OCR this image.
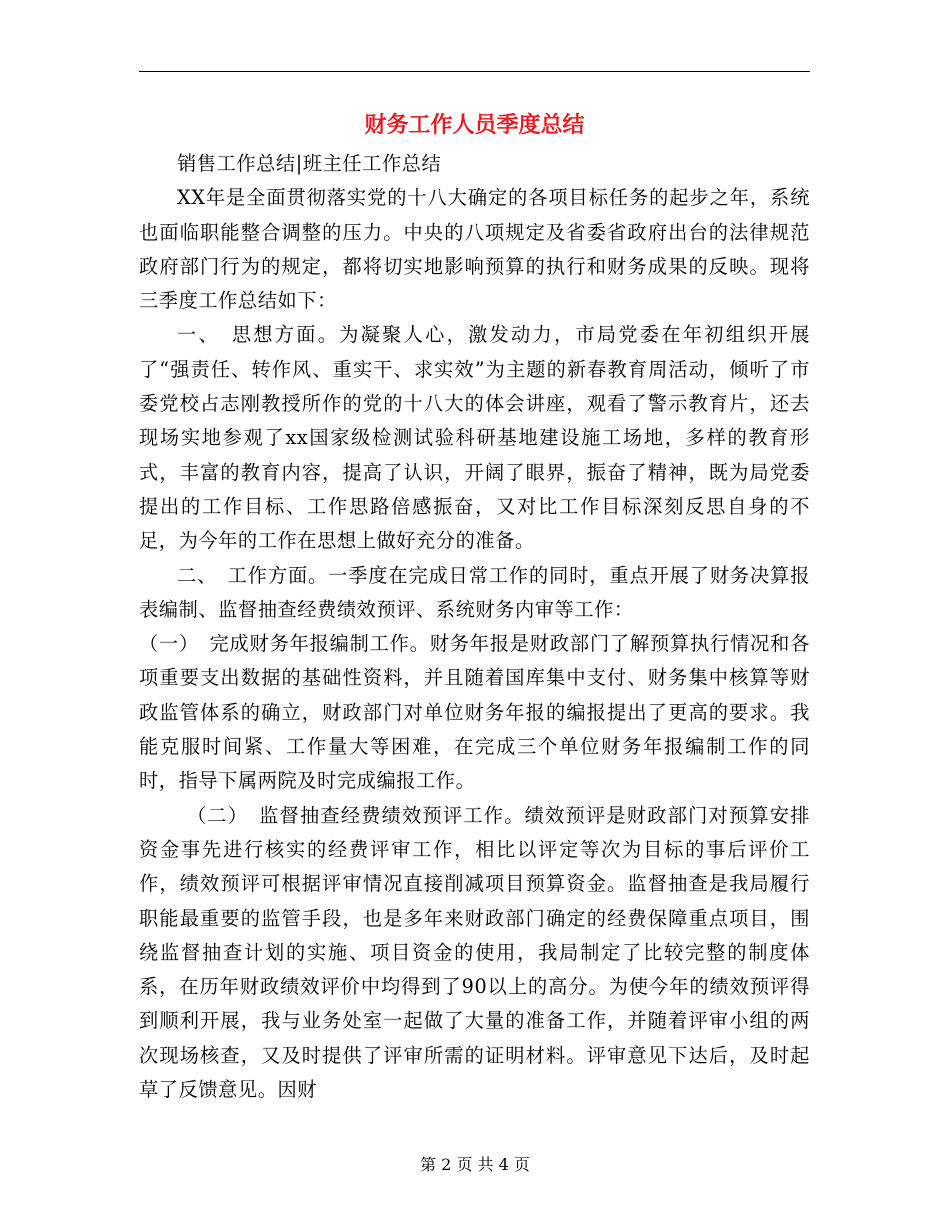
财务工作人员季度总结

销售工作总结|班主任工作总结

XX年是全面贯彻落实党的十八大确定的各项目标任务的起步之年，系统也面临职能整合调整的压力。中央的八项规定及省委省政府出台的法律规范政府部门行为的规定，都将切实地影响预算的执行和财务成果的反映。现将三季度工作总结如下：

一、　思想方面。为凝聚人心，激发动力，市局党委在年初组织开展了“强责任、转作风、重实干、求实效”为主题的新春教育周活动，倾听了市委党校占志刚教授所作的党的十八大的体会讲座，观看了警示教育片，还去现场实地参观了xx国家级检测试验科研基地建设施工场地，多样的教育形式，丰富的教育内容，提高了认识，开阔了眼界，振奋了精神，既为局党委提出的工作目标、工作思路倍感振奋，又对比工作目标深刻反思自身的不足，为今年的工作在思想上做好充分的准备。

二、　工作方面。一季度在完成日常工作的同时，重点开展了财务决算报表编制、监督抽查经费绩效预评、系统财务内审等工作：

（一）　完成财务年报编制工作。财务年报是财政部门了解预算执行情况和各项重要支出数据的基础性资料，并且随着国库集中支付、财务集中核算等财政监管体系的确立，财政部门对单位财务年报的编报提出了更高的要求。我能克服时间紧、工作量大等困难，在完成三个单位财务年报编制工作的同时，指导下属两院及时完成编报工作。

（二）　监督抽查经费绩效预评工作。绩效预评是财政部门对预算安排资金事先进行核实的经费评审工作，相比以评定等次为目标的事后评价工作，绩效预评可根据评审情况直接削减项目预算资金。监督抽查是我局履行职能最重要的监管手段，也是多年来财政部门确定的经费保障重点项目，围绕监督抽查计划的实施、项目资金的使用，我局制定了比较完整的制度体系，在历年财政绩效评价中均得到了90以上的高分。为使今年的绩效预评得到顺利开展，我与业务处室一起做了大量的准备工作，并随着评审小组的两次现场核查，又及时提供了评审所需的证明材料。评审意见下达后，及时起草了反馈意见。因财

第 2 页 共 4 页
